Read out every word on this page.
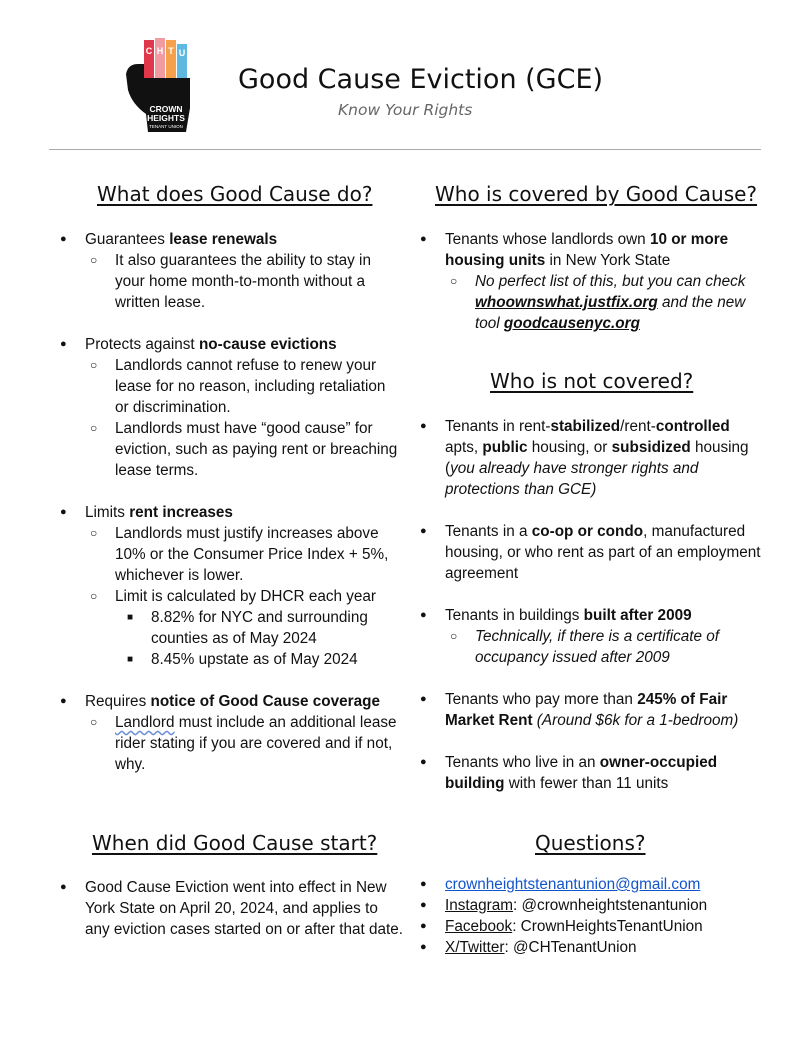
C H T U
CROWN
HEIGHTS
TENANT UNION
Good Cause Eviction (GCE)
Know Your Rights
What does Good Cause do?
● Guarantees lease renewals
○ It also guarantees the ability to stay in your home month-to-month without a written lease.
● Protects against no-cause evictions
○ Landlords cannot refuse to renew your lease for no reason, including retaliation or discrimination.
○ Landlords must have “good cause” for eviction, such as paying rent or breaching lease terms.
● Limits rent increases
○ Landlords must justify increases above 10% or the Consumer Price Index + 5%, whichever is lower.
○ Limit is calculated by DHCR each year
■ 8.82% for NYC and surrounding counties as of May 2024
■ 8.45% upstate as of May 2024
● Requires notice of Good Cause coverage
○ Landlord must include an additional lease rider stating if you are covered and if not, why.
When did Good Cause start?
● Good Cause Eviction went into effect in New York State on April 20, 2024, and applies to any eviction cases started on or after that date.
Who is covered by Good Cause?
● Tenants whose landlords own 10 or more housing units in New York State
○ No perfect list of this, but you can check whoownswhat.justfix.org and the new tool goodcausenyc.org
Who is not covered?
● Tenants in rent-stabilized/rent-controlled apts, public housing, or subsidized housing (you already have stronger rights and protections than GCE)
● Tenants in a co-op or condo, manufactured housing, or who rent as part of an employment agreement
● Tenants in buildings built after 2009
○ Technically, if there is a certificate of occupancy issued after 2009
● Tenants who pay more than 245% of Fair Market Rent (Around $6k for a 1-bedroom)
● Tenants who live in an owner-occupied building with fewer than 11 units
Questions?
● crownheightstenantunion@gmail.com
● Instagram: @crownheightstenantunion
● Facebook: CrownHeightsTenantUnion
● X/Twitter: @CHTenantUnion
